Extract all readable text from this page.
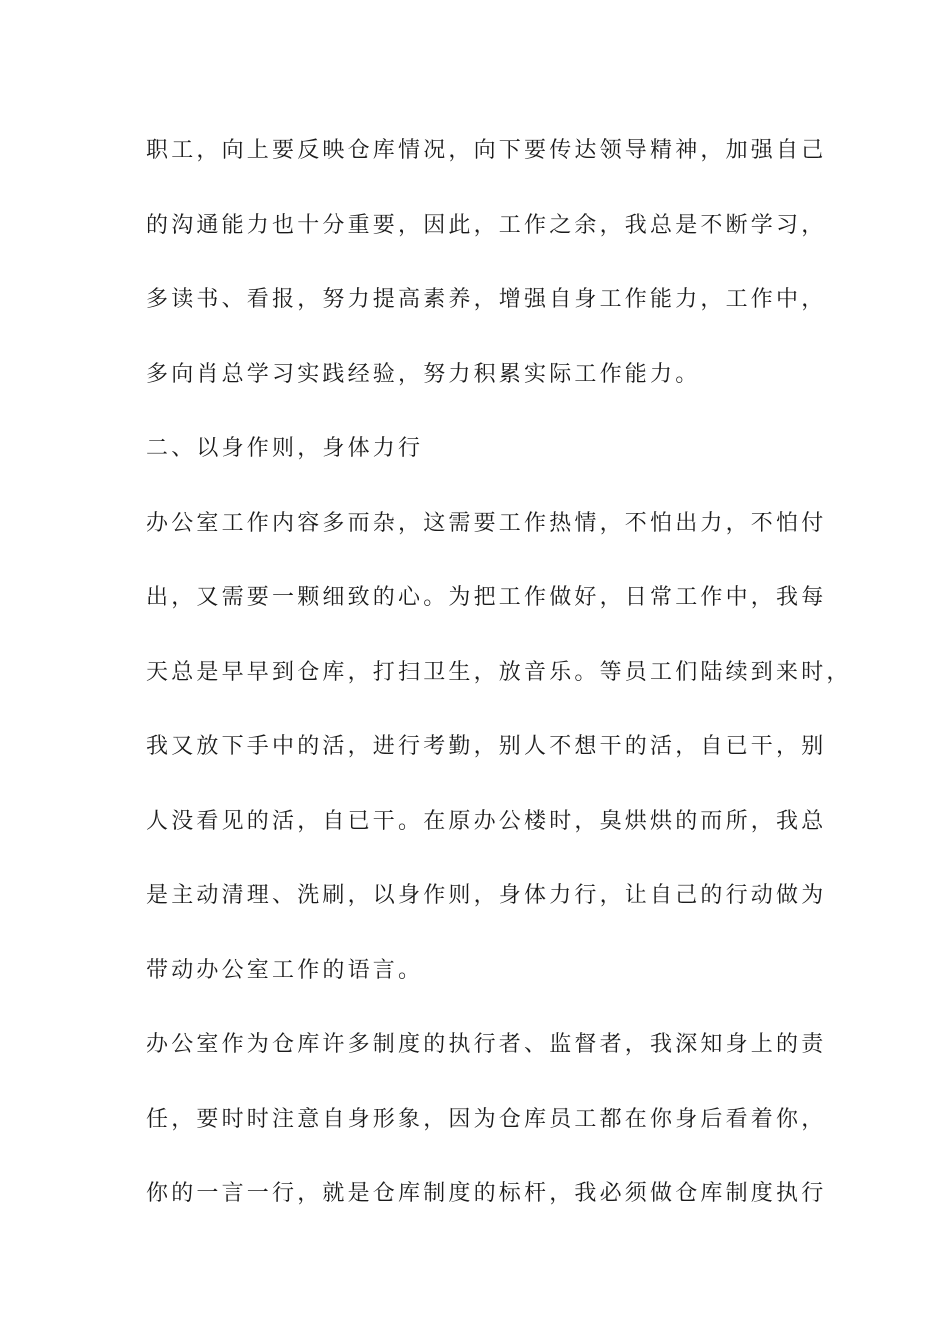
职工，向上要反映仓库情况，向下要传达领导精神，加强自己
的沟通能力也十分重要，因此，工作之余，我总是不断学习，
多读书、看报，努力提高素养，增强自身工作能力，工作中，
多向肖总学习实践经验，努力积累实际工作能力。
二、以身作则，身体力行
办公室工作内容多而杂，这需要工作热情，不怕出力，不怕付
出，又需要一颗细致的心。为把工作做好，日常工作中，我每
天总是早早到仓库，打扫卫生，放音乐。等员工们陆续到来时，
我又放下手中的活，进行考勤，别人不想干的活，自已干，别
人没看见的活，自已干。在原办公楼时，臭烘烘的而所，我总
是主动清理、洗刷，以身作则，身体力行，让自己的行动做为
带动办公室工作的语言。
办公室作为仓库许多制度的执行者、监督者，我深知身上的责
任，要时时注意自身形象，因为仓库员工都在你身后看着你，
你的一言一行，就是仓库制度的标杆，我必须做仓库制度执行
